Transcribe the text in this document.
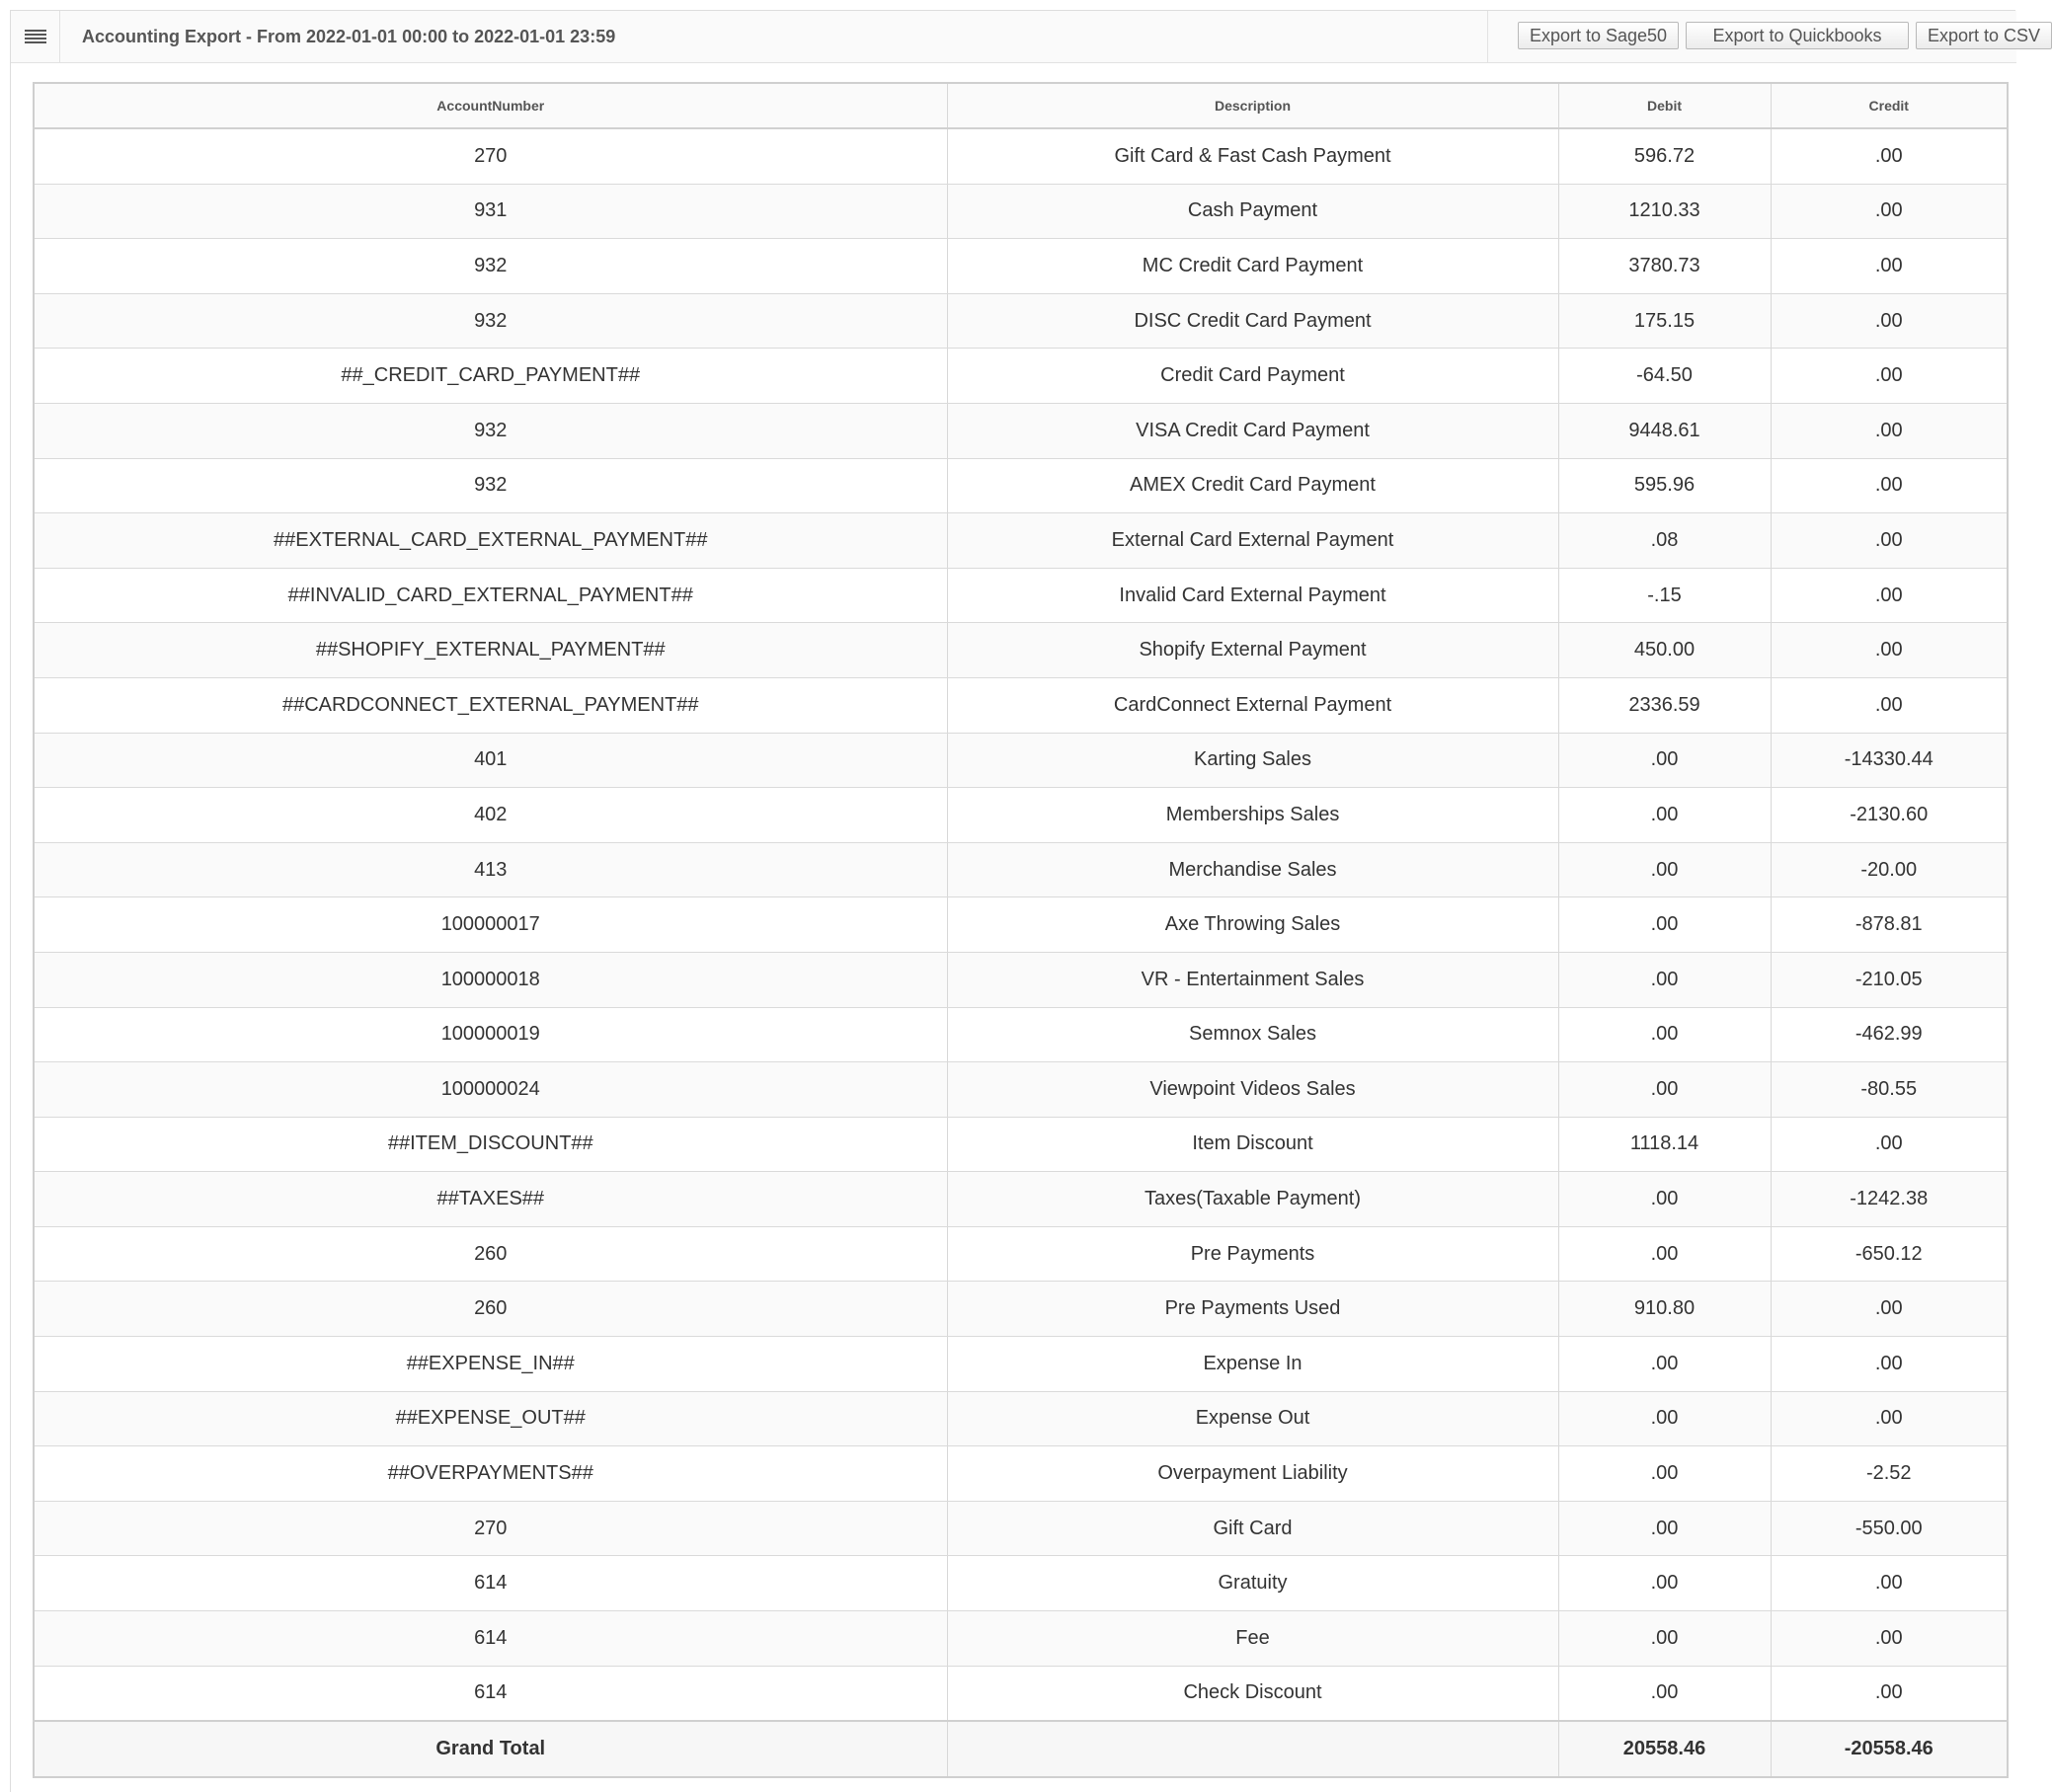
Accounting Export - From 2022-01-01 00:00 to 2022-01-01 23:59	Export to Sage50	Export to Quickbooks	Export to CSV
AccountNumber	Description	Debit	Credit
270	Gift Card & Fast Cash Payment	596.72	.00
931	Cash Payment	1210.33	.00
932	MC Credit Card Payment	3780.73	.00
932	DISC Credit Card Payment	175.15	.00
##_CREDIT_CARD_PAYMENT##	Credit Card Payment	-64.50	.00
932	VISA Credit Card Payment	9448.61	.00
932	AMEX Credit Card Payment	595.96	.00
##EXTERNAL_CARD_EXTERNAL_PAYMENT##	External Card External Payment	.08	.00
##INVALID_CARD_EXTERNAL_PAYMENT##	Invalid Card External Payment	-.15	.00
##SHOPIFY_EXTERNAL_PAYMENT##	Shopify External Payment	450.00	.00
##CARDCONNECT_EXTERNAL_PAYMENT##	CardConnect External Payment	2336.59	.00
401	Karting Sales	.00	-14330.44
402	Memberships Sales	.00	-2130.60
413	Merchandise Sales	.00	-20.00
100000017	Axe Throwing Sales	.00	-878.81
100000018	VR - Entertainment Sales	.00	-210.05
100000019	Semnox Sales	.00	-462.99
100000024	Viewpoint Videos Sales	.00	-80.55
##ITEM_DISCOUNT##	Item Discount	1118.14	.00
##TAXES##	Taxes(Taxable Payment)	.00	-1242.38
260	Pre Payments	.00	-650.12
260	Pre Payments Used	910.80	.00
##EXPENSE_IN##	Expense In	.00	.00
##EXPENSE_OUT##	Expense Out	.00	.00
##OVERPAYMENTS##	Overpayment Liability	.00	-2.52
270	Gift Card	.00	-550.00
614	Gratuity	.00	.00
614	Fee	.00	.00
614	Check Discount	.00	.00
Grand Total		20558.46	-20558.46
